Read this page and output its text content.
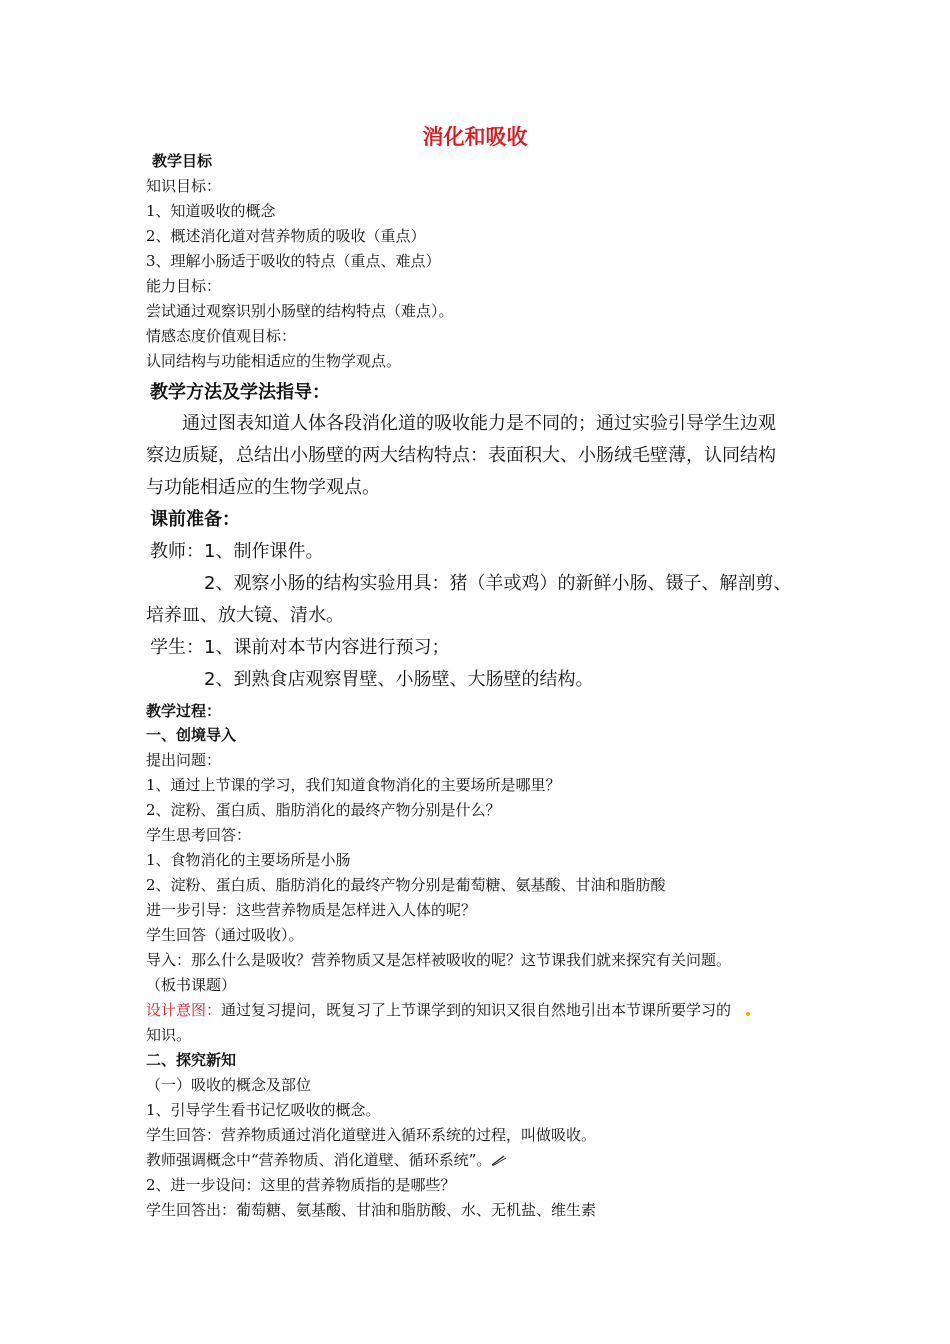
消化和吸收

教学目标

知识目标：

1、知道吸收的概念

2、概述消化道对营养物质的吸收（重点）

3、理解小肠适于吸收的特点（重点、难点）

能力目标：

尝试通过观察识别小肠壁的结构特点（难点）。

情感态度价值观目标：

认同结构与功能相适应的生物学观点。

教学方法及学法指导：

　　通过图表知道人体各段消化道的吸收能力是不同的；通过实验引导学生边观

察边质疑，总结出小肠壁的两大结构特点：表面积大、小肠绒毛壁薄，认同结构

与功能相适应的生物学观点。

课前准备：

教师：1、制作课件。

　　　2、观察小肠的结构实验用具：猪（羊或鸡）的新鲜小肠、镊子、解剖剪、

培养皿、放大镜、清水。

学生：1、课前对本节内容进行预习；

　　　2、到熟食店观察胃壁、小肠壁、大肠壁的结构。

教学过程：

一、创境导入

提出问题：

1、通过上节课的学习，我们知道食物消化的主要场所是哪里？

2、淀粉、蛋白质、脂肪消化的最终产物分别是什么？

学生思考回答：

1、食物消化的主要场所是小肠

2、淀粉、蛋白质、脂肪消化的最终产物分别是葡萄糖、氨基酸、甘油和脂肪酸

进一步引导：这些营养物质是怎样进入人体的呢？

学生回答（通过吸收）。

导入：那么什么是吸收？营养物质又是怎样被吸收的呢？这节课我们就来探究有关问题。

（板书课题）

设计意图：通过复习提问，既复习了上节课学到的知识又很自然地引出本节课所要学习的

知识。

二、探究新知

（一）吸收的概念及部位

1、引导学生看书记忆吸收的概念。

学生回答：营养物质通过消化道壁进入循环系统的过程，叫做吸收。

教师强调概念中“营养物质、消化道壁、循环系统”。

2、进一步设问：这里的营养物质指的是哪些？

学生回答出：葡萄糖、氨基酸、甘油和脂肪酸、水、无机盐、维生素
